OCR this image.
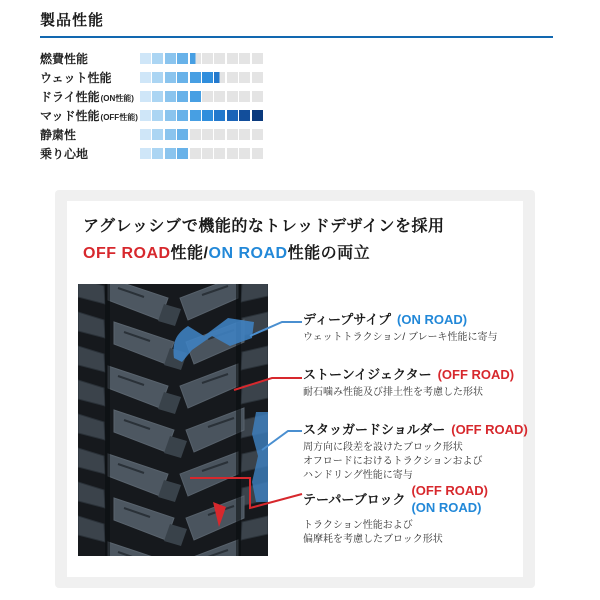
製品性能
燃費性能
ウェット性能
ドライ性能(ON性能)
マッド性能(OFF性能)
静粛性
乗り心地
アグレッシブで機能的なトレッドデザインを採用
OFF ROAD性能/ON ROAD性能の両立
ディープサイプ (ON ROAD)
ウェットトラクション/ ブレーキ性能に寄与
ストーンイジェクター (OFF ROAD)
耐石噛み性能及び排土性を考慮した形状
スタッガードショルダー (OFF ROAD)
周方向に段差を設けたブロック形状
オフロードにおけるトラクションおよび
ハンドリング性能に寄与
テーパーブロック
(OFF ROAD)
(ON ROAD)
トラクション性能および
偏摩耗を考慮したブロック形状
